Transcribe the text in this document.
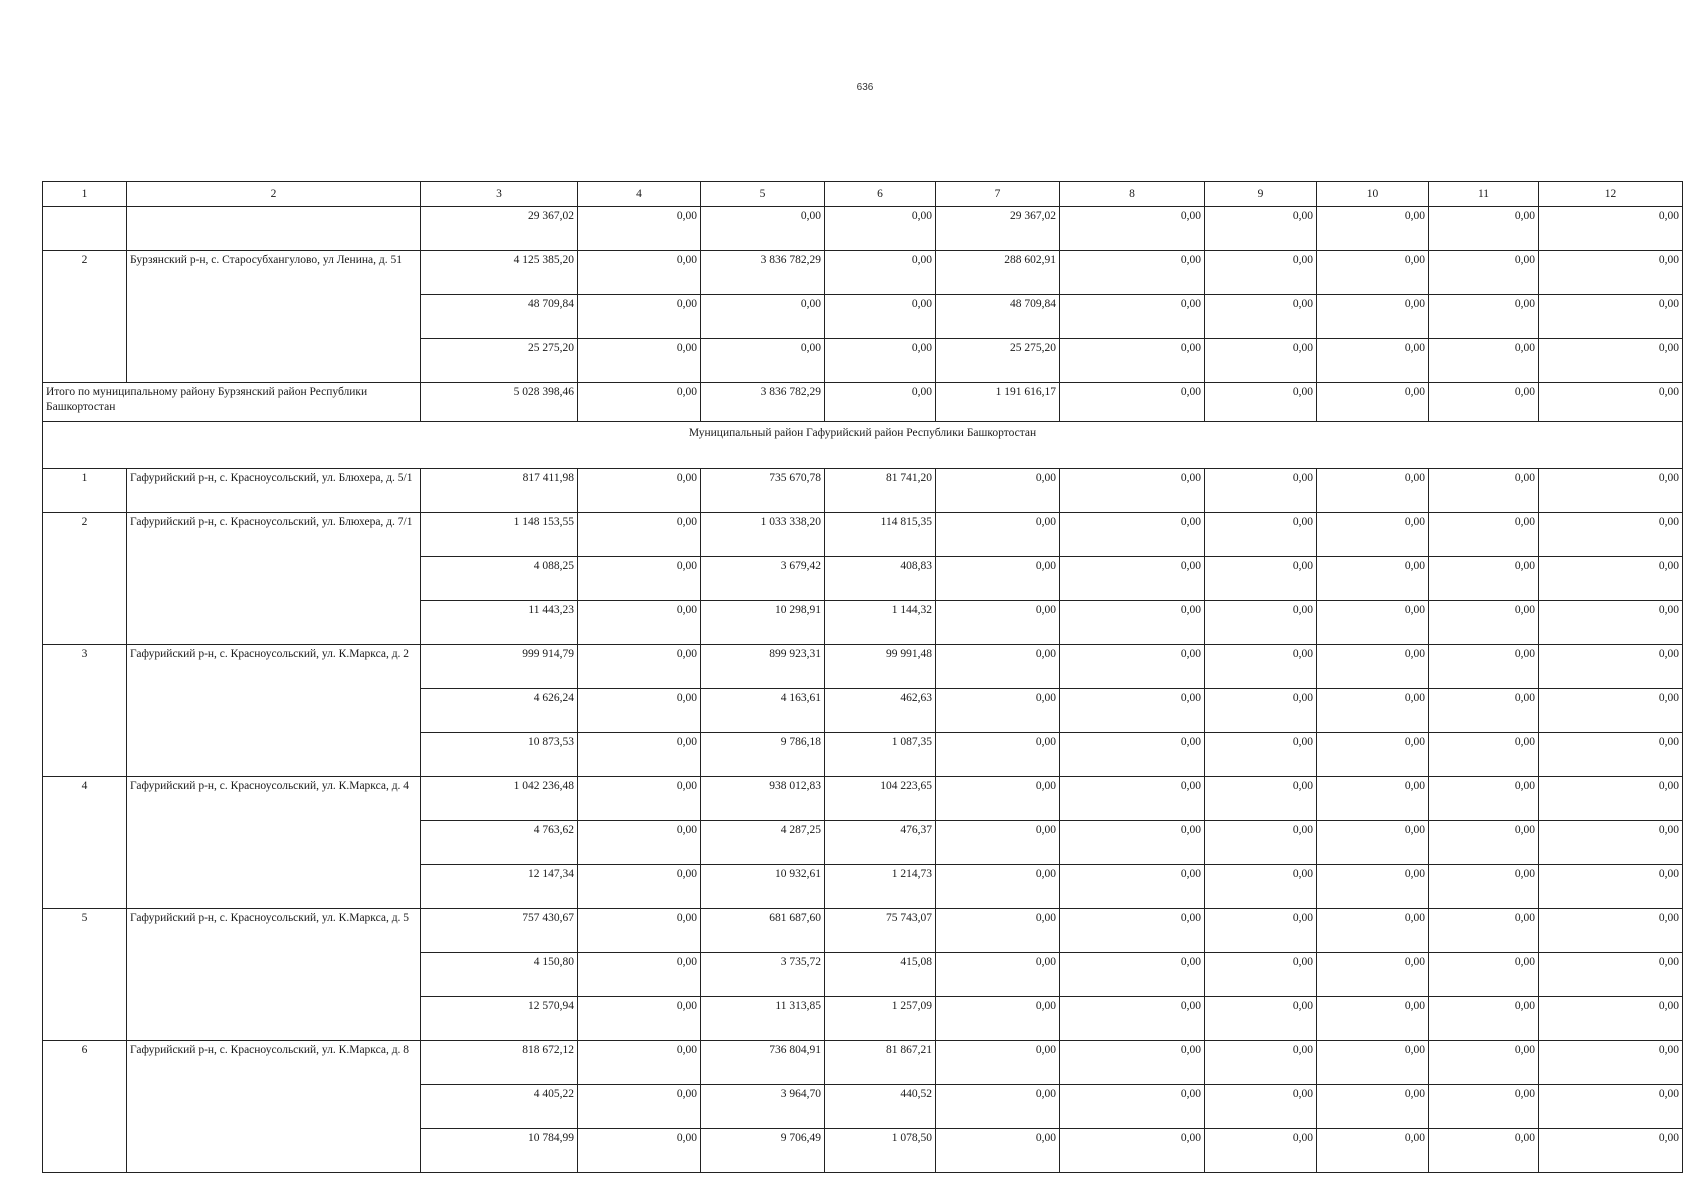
636
1	2	3	4	5	6	7	8	9	10	11	12
		29 367,02	0,00	0,00	0,00	29 367,02	0,00	0,00	0,00	0,00	0,00
2	Бурзянский р-н, с. Старосубхангулово, ул Ленина, д. 51	4 125 385,20	0,00	3 836 782,29	0,00	288 602,91	0,00	0,00	0,00	0,00	0,00
		48 709,84	0,00	0,00	0,00	48 709,84	0,00	0,00	0,00	0,00	0,00
		25 275,20	0,00	0,00	0,00	25 275,20	0,00	0,00	0,00	0,00	0,00
Итого по муниципальному району Бурзянский район Республики Башкортостан		5 028 398,46	0,00	3 836 782,29	0,00	1 191 616,17	0,00	0,00	0,00	0,00	0,00
Муниципальный район Гафурийский район Республики Башкортостан											
1	Гафурийский р-н, с. Красноусольский, ул. Блюхера, д. 5/1	817 411,98	0,00	735 670,78	81 741,20	0,00	0,00	0,00	0,00	0,00	0,00
2	Гафурийский р-н, с. Красноусольский, ул. Блюхера, д. 7/1	1 148 153,55	0,00	1 033 338,20	114 815,35	0,00	0,00	0,00	0,00	0,00	0,00
		4 088,25	0,00	3 679,42	408,83	0,00	0,00	0,00	0,00	0,00	0,00
		11 443,23	0,00	10 298,91	1 144,32	0,00	0,00	0,00	0,00	0,00	0,00
3	Гафурийский р-н, с. Красноусольский, ул. К.Маркса, д. 2	999 914,79	0,00	899 923,31	99 991,48	0,00	0,00	0,00	0,00	0,00	0,00
		4 626,24	0,00	4 163,61	462,63	0,00	0,00	0,00	0,00	0,00	0,00
		10 873,53	0,00	9 786,18	1 087,35	0,00	0,00	0,00	0,00	0,00	0,00
4	Гафурийский р-н, с. Красноусольский, ул. К.Маркса, д. 4	1 042 236,48	0,00	938 012,83	104 223,65	0,00	0,00	0,00	0,00	0,00	0,00
		4 763,62	0,00	4 287,25	476,37	0,00	0,00	0,00	0,00	0,00	0,00
		12 147,34	0,00	10 932,61	1 214,73	0,00	0,00	0,00	0,00	0,00	0,00
5	Гафурийский р-н, с. Красноусольский, ул. К.Маркса, д. 5	757 430,67	0,00	681 687,60	75 743,07	0,00	0,00	0,00	0,00	0,00	0,00
		4 150,80	0,00	3 735,72	415,08	0,00	0,00	0,00	0,00	0,00	0,00
		12 570,94	0,00	11 313,85	1 257,09	0,00	0,00	0,00	0,00	0,00	0,00
6	Гафурийский р-н, с. Красноусольский, ул. К.Маркса, д. 8	818 672,12	0,00	736 804,91	81 867,21	0,00	0,00	0,00	0,00	0,00	0,00
		4 405,22	0,00	3 964,70	440,52	0,00	0,00	0,00	0,00	0,00	0,00
		10 784,99	0,00	9 706,49	1 078,50	0,00	0,00	0,00	0,00	0,00	0,00
